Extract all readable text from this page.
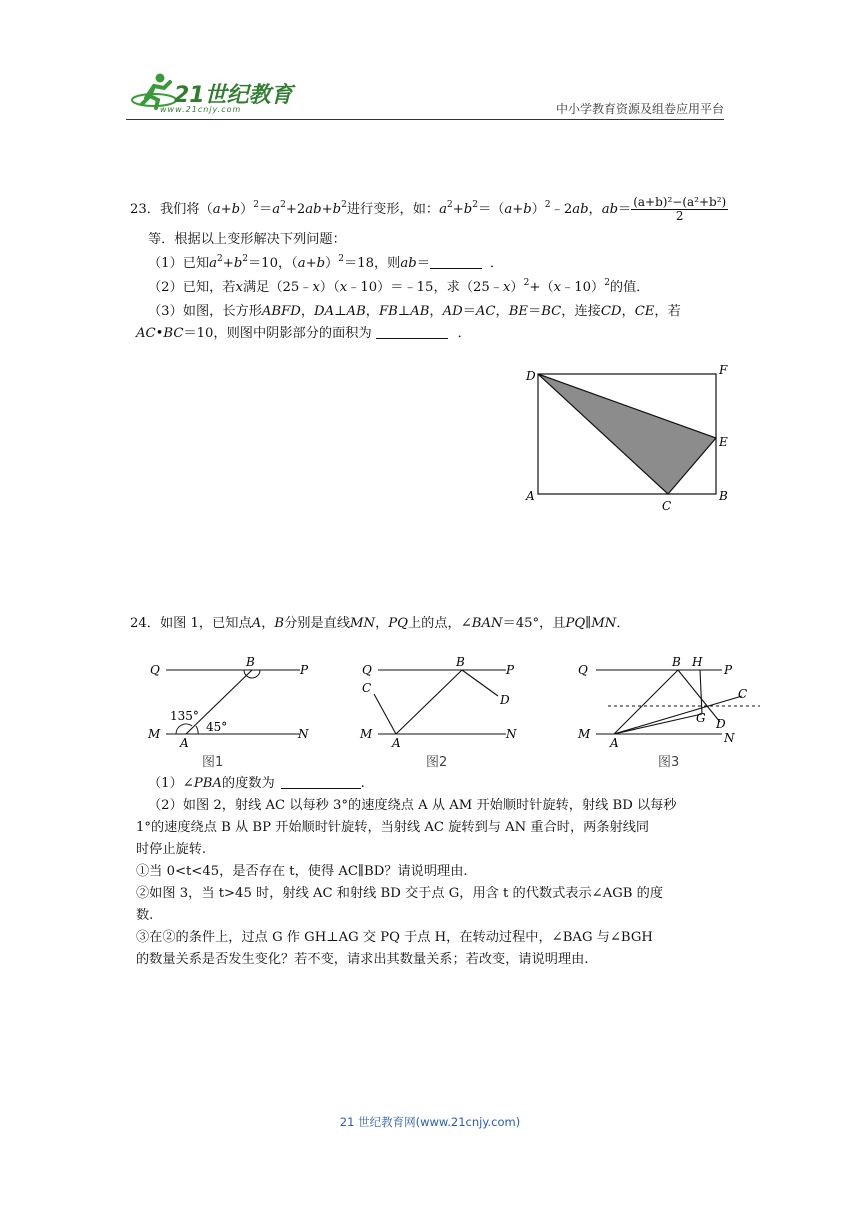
21世纪教育
www.21cnjy.com	中小学教育资源及组卷应用平台
23．我们将$(a+b)^2=a^2+2ab+b^2$进行变形，如：$a^2+b^2=(a+b)^2﹣2ab$，$ab= \frac{\text{(a+b)²−(a²+b²)}}{2}$
等．根据以上变形解决下列问题：
（1）已知$a^2+b^2=10$，$(a+b)^2=18$，则ab＝	．
（2）已知，若x满足（25﹣x）（x﹣10）＝﹣15，求（25﹣x）$^2$+（x﹣10）$^2$的值．
（3）如图，长方形ABFD，DA⊥AB，FB⊥AB，AD＝AC，BE＝BC，连接CD，CE，若
AC•BC＝10，则图中阴影部分的面积为	．
D	F
E
A	B
C
24．如图 1，已知点A，B分别是直线MN，PQ上的点，∠BAN＝45°，且PQ∥MN．
Q
B
P
M
A
N
135°
45°
图1
Q
B
P
C
D
M
A
N
图2
Q
B H
P
C
G D
M
A	N
图3
（1）∠PBA的度数为	.
（2）如图 2，射线 AC 以每秒 3°的速度绕点 A 从 AM 开始顺时针旋转，射线 BD 以每秒
1°的速度绕点 B 从 BP 开始顺时针旋转，当射线 AC 旋转到与 AN 重合时，两条射线同
时停止旋转.
①当 0<t<45，是否存在 t，使得 AC∥BD？请说明理由.
②如图 3，当 t>45 时，射线 AC 和射线 BD 交于点 G，用含 t 的代数式表示∠AGB 的度
数.
③在②的条件上，过点 G 作 GH⊥AG 交 PQ 于点 H，在转动过程中，∠BAG 与∠BGH
的数量关系是否发生变化？若不变，请求出其数量关系；若改变，请说明理由.
21 世纪教育网(www.21cnjy.com)
